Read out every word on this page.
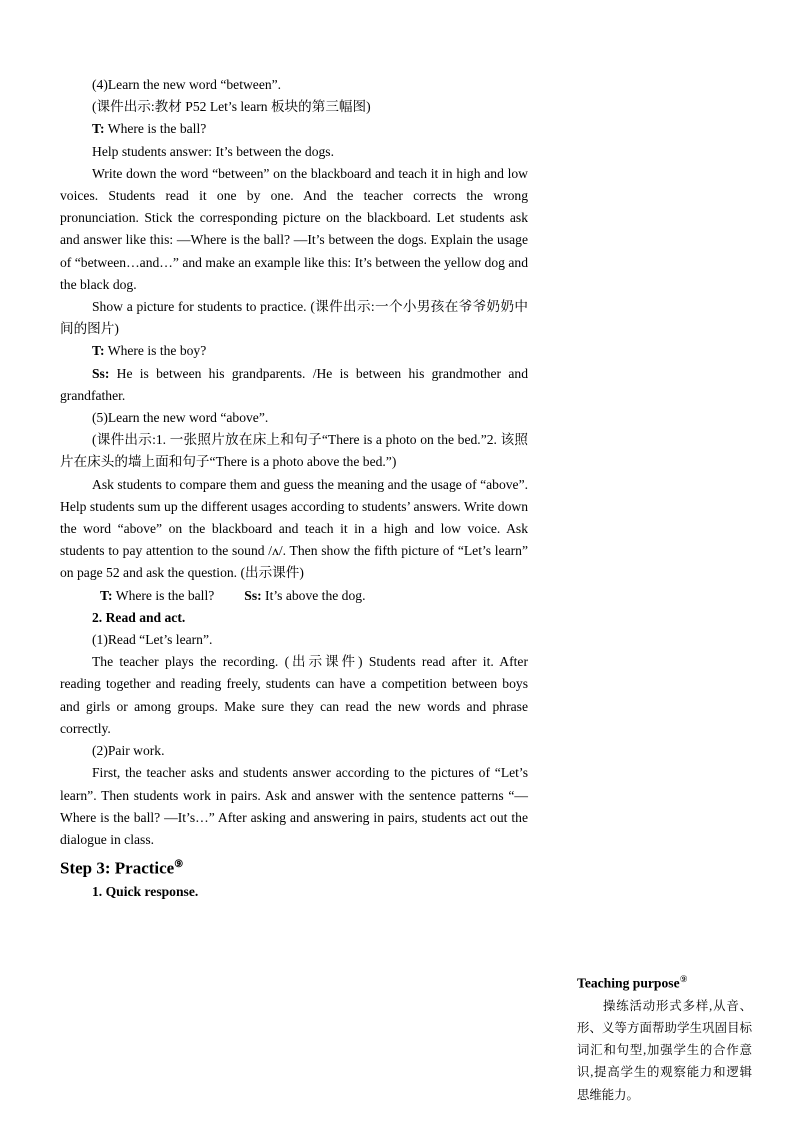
(4)Learn the new word “between”.

(课件出示:教材 P52 Let’s learn 板块的第三幅图)

T: Where is the ball?

Help students answer: It’s between the dogs.

Write down the word “between” on the blackboard and teach it in high and low voices. Students read it one by one. And the teacher corrects the wrong pronunciation. Stick the corresponding picture on the blackboard. Let students ask and answer like this: —Where is the ball? —It’s between the dogs. Explain the usage of “between…and…” and make an example like this: It’s between the yellow dog and the black dog.

Show a picture for students to practice. (课件出示:一个小男孩在爷爷奶奶中间的图片)

T: Where is the boy?

Ss: He is between his grandparents. /He is between his grandmother and grandfather.

(5)Learn the new word “above”.

(课件出示:1. 一张照片放在床上和句子“There is a photo on the bed.”2. 该照片在床头的墙上面和句子“There is a photo above the bed.”)

Ask students to compare them and guess the meaning and the usage of “above”. Help students sum up the different usages according to students’ answers. Write down the word “above” on the blackboard and teach it in a high and low voice. Ask students to pay attention to the sound /ʌ/. Then show the fifth picture of “Let’s learn” on page 52 and ask the question. (出示课件)

T: Where is the ball? Ss: It’s above the dog.

2. Read and act.

(1)Read “Let’s learn”.

The teacher plays the recording. (出示课件) Students read after it. After reading together and reading freely, students can have a competition between boys and girls or among groups. Make sure they can read the new words and phrase correctly.

(2)Pair work.

First, the teacher asks and students answer according to the pictures of “Let’s learn”. Then students work in pairs. Ask and answer with the sentence patterns “—Where is the ball? —It’s…” After asking and answering in pairs, students act out the dialogue in class.

Step 3: Practice⑨

1. Quick response.

Teaching purpose⑨
操练活动形式多样,从音、形、义等方面帮助学生巩固目标词汇和句型,加强学生的合作意识,提高学生的观察能力和逻辑思维能力。
